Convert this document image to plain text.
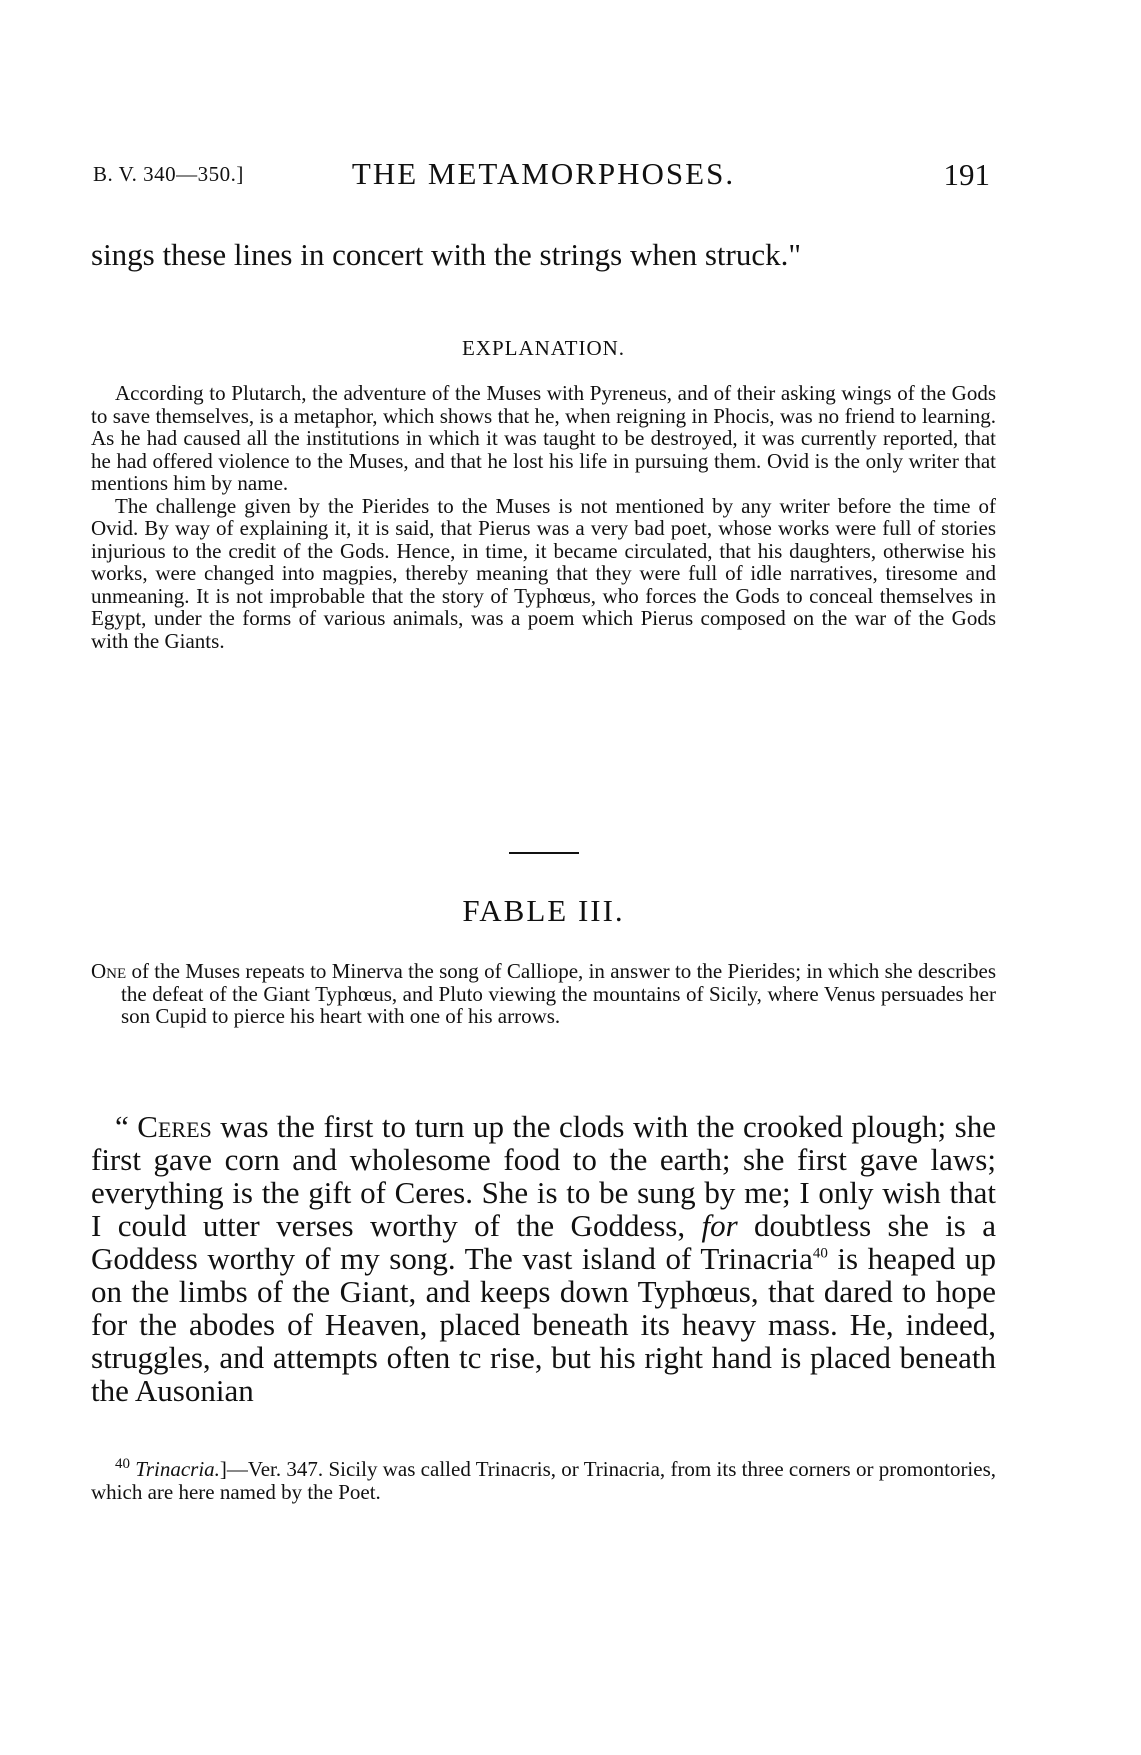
B. V. 340—350.]	THE METAMORPHOSES.	191

sings these lines in concert with the strings when struck."

EXPLANATION.

According to Plutarch, the adventure of the Muses with Pyreneus, and of their asking wings of the Gods to save themselves, is a metaphor, which shows that he, when reigning in Phocis, was no friend to learning. As he had caused all the institutions in which it was taught to be destroyed, it was currently reported, that he had offered violence to the Muses, and that he lost his life in pursuing them. Ovid is the only writer that mentions him by name.

The challenge given by the Pierides to the Muses is not mentioned by any writer before the time of Ovid. By way of explaining it, it is said, that Pierus was a very bad poet, whose works were full of stories injurious to the credit of the Gods. Hence, in time, it became circulated, that his daughters, otherwise his works, were changed into magpies, thereby meaning that they were full of idle narratives, tiresome and unmeaning. It is not improbable that the story of Typhœus, who forces the Gods to conceal themselves in Egypt, under the forms of various animals, was a poem which Pierus composed on the war of the Gods with the Giants.

FABLE III.

One of the Muses repeats to Minerva the song of Calliope, in answer to the Pierides; in which she describes the defeat of the Giant Typhœus, and Pluto viewing the mountains of Sicily, where Venus persuades her son Cupid to pierce his heart with one of his arrows.

“ Ceres was the first to turn up the clods with the crooked plough; she first gave corn and wholesome food to the earth; she first gave laws; everything is the gift of Ceres. She is to be sung by me; I only wish that I could utter verses worthy of the Goddess, for doubtless she is a Goddess worthy of my song. The vast island of Trinacria$^{40}$ is heaped up on the limbs of the Giant, and keeps down Typhœus, that dared to hope for the abodes of Heaven, placed beneath its heavy mass. He, indeed, struggles, and attempts often tc rise, but his right hand is placed beneath the Ausonian

$^{40}$ Trinacria.]—Ver. 347. Sicily was called Trinacris, or Trinacria, from its three corners or promontories, which are here named by the Poet.
